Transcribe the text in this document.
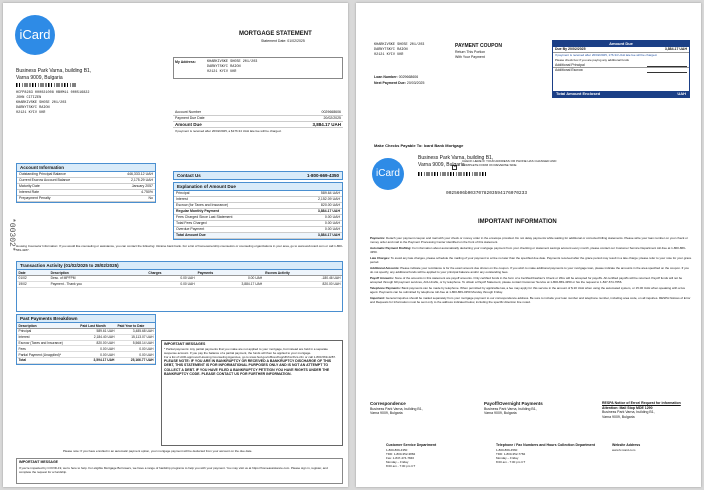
iCard	MORTGAGE STATEMENT
Statement Date: 01/02/2025
Business Park Varna, building B1,
Varna 9009, Bulgaria
HCFP8283 000021008 0B0M11 000516822
JOHN CITIZEN
KHARKIVSKE SHOSE 201/203
DARNYTSKYI RAION
02121 KYIV UKR
My Address:	KHARKIVSKE SHOSE 201/203
DARNYTSKYI RAION
02121 KYIV UKR
Account Number	0029668606
Payment Due Date	20/02/2025
Amount Due	3,884.17 UAH
If payment is received after 20/02/2025, a $176.34 UAH late fee will be charged.
Account Information
Outstanding Principal Balance	446,333.12 UAH
Current Escrow Account Balance	2,175.29 UAH
Maturity Date	January 2057
Interest Rate	4.750%
Prepayment Penalty	No
Contact Us	1-800-669-4350
Explanation of Amount Due
Principal	589.64 UAH
Interest	2,152.09 UAH
Escrow (for Taxes and Insurance)	820.00 UAH
Regular Monthly Payment	3,884.17 UAH
Fees Charged Since Last Statement	0.00 UAH
Total Fees Charged	0.00 UAH
Overdue Payment	0.00 UAH
Total Amount Due	3,884.17 UAH
Housing Counselor Information: If you would like counseling or assistance, you can contact the following: Ukraine bank bank. For a list of homeownership counselors or counseling organizations in your area, go to www.web.icard.com or call 1-800-569-4287.
Transaction Activity (01/02/2025 to 28/02/2025)
Date	Description	Charges	Payments	Escrow Activity
01/02	Desc. of MPFPM	0.00 UAH	0.00 UAH	-180.46 UAH
19/02	Payment - Thank you	0.00 UAH	3,884.17 UAH	820.00 UAH
Past Payments Breakdown
Description	Paid Last Month	Paid Year to Date
Principal	589.61 UAH	3,485.68 UAH
Interest	2,184.40 UAH	15,113.07 UAH
Escrow (Taxes and Insurance)	820.00 UAH	5,568.14 UAH
Fees	0.00 UAH	0.00 UAH
Partial Payment (Unapplied)*	0.00 UAH	0.00 UAH
Total	3,594.17 UAH	25,166.77 UAH
IMPORTANT MESSAGES
* Partial payments: Any partial payments that you make are not applied to your mortgage, but instead are held in a separate suspense account. If you pay the balance of a partial payment, the funds will then be applied to your mortgage.
For a list of HUD-approved Housing Counseling Agencies, go to www.hud.gov/offices/hsg/sfh/hcc/hcs.cfm or call 1-800-569-4287.
PLEASE NOTE: IF YOU ARE IN BANKRUPTCY OR RECEIVED A BANKRUPTCY DISCHARGE OF THIS DEBT, THIS STATEMENT IS FOR INFORMATIONAL PURPOSES ONLY AND IS NOT AN ATTEMPT TO COLLECT A DEBT. IF YOU HAVE FILED A BANKRUPTCY PETITION YOU HAVE RIGHTS UNDER THE BANKRUPTCY CODE. PLEASE CONTACT US FOR FURTHER INFORMATION.
Please note: If you have enrolled in an automatic payment option, your mortgage payment will be deducted from your account on the due date.
IMPORTANT MESSAGE
If you're impacted by COVID-19, we're here to help. For eligible Mortgage Borrowers, we have a range of hardship programs to help you with your payment. You may visit us at https://homeassistance.com. Please sign in, register, and complete the request for a hardship.
*00302*
KHARKIVSKE SHOSE 201/203
DARNYTSKYI RAION
02121 KYIV UKR
PAYMENT COUPON
Return This Portion
With Your Payment
Loan Number: 0029668606
Next Payment Due: 20/03/2025
Amount Due
Due By 20/02/2025	3,884.17 UAH
If payment is received after 20/02/2025, 176.34 UAH late fee will be charged.
Please check box if you are paying any additional funds
Additional Principal
Additional Escrow
Total Amount Enclosed	UAH
Make Checks Payable To: Icard Bank Mortgage
CHECK HERE IF YOUR ADDRESS OR PHONE HAS CHANGED AND COMPLETE FORM ON REVERSE SIDE
iCard
Business Park Varna, building B1,
Varna 9009, Bulgaria
0025606b0037078203594176070233
IMPORTANT INFORMATION
Payments: Detach your payment coupon and mail with your check or money order in the envelope provided. Do not delay payments while waiting for additional or corrected billing statements. Please write your loan number on your check or money order and mail to the Payment Processing Center identified on the front of this statement.
Automatic Payment Drafting: For information about automatically deducting your mortgage payment from your checking or statement savings account every month, please contact our Customer Service Department toll-free at 1-800-869-4350.
Late Charges: To avoid any late charges, please schedule the mailing of your payment to arrive no later than the specified due date. Payments received after the grace period may result in a late charge; please refer to your note for your grace period.
Additional Amounts: Please indicate your remittance is for the exact amount due shown on the coupon. If you wish to make additional payments to your mortgage loan, please indicate the amounts in the area specified on the coupon. If you do not specify, any additional funds will be applied to your principal balance and/or any outstanding fees.
Payoff Amounts: None of the amounts in this statement are payoff amounts. Only certified funds in the form of a Certified/Cashier's Check or Wire will be accepted for payoffs. All certified payoffs will be returned. Payoff funds will not be accepted through bill payment services, ACH drafts, or by telephone. To obtain a Payoff Statement, please contact Customer Service at 1-800-869-4350 or fax the request to 1-847-674-7656.
Telephone Payments: Bank payments can be made by telephone. When permitted by applicable law, a fee may apply for this service in the amount of $ 20 UAH when using the automated system, or 15.00 UAH when speaking with a live agent. Payments can be submitted by telephone toll-free at 1-800-869-4350 Monday through Friday.
Important: General inquiries should be mailed separately from your mortgage payment to our correspondence address. Be sure to include your loan number and telephone number, including area code, on all inquiries. RESPA Notices of Error and Requests for Information must be sent only to the address indicated below, including the specific Attention line noted.
Correspondence
Business Park Varna, building B1,
Varna 9009, Bulgaria
Payoff/Overnight Payments
Business Park Varna, building B1,
Varna 9009, Bulgaria
RESPA Notice of Error/ Request for information
Attention: Mail Stop MDE 1290
Business Park Varna, building B1,
Varna 9009, Bulgaria
Customer Service Department
1-800-869-4350
TDD: 1-800-352-3884
Fax: 1-847-474-7846
Monday – Friday
8:00 am - 7:00 pm CT
Telephone / Fax Numbers and Hours Collection Department
1-800-869-4560
TDD: 1-800-352-7784
Monday – Friday
8:00 am - 7:00 pm CT
Website Address
www.fx.icard.com
